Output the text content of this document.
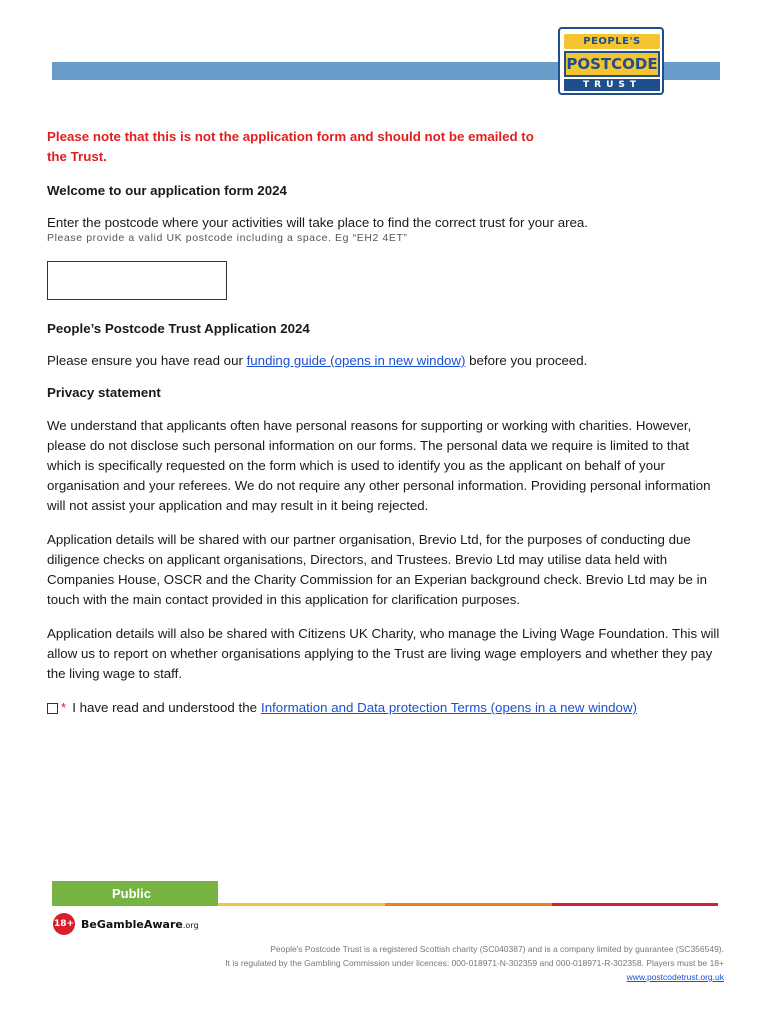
PEOPLE'S
POSTCODE
TRUST
Please note that this is not the application form and should not be emailed to the Trust.

Welcome to our application form 2024

Enter the postcode where your activities will take place to find the correct trust for your area.

Please provide a valid UK postcode including a space. Eg “EH2 4ET”

People’s Postcode Trust Application 2024

Please ensure you have read our funding guide (opens in new window) before you proceed.

Privacy statement

We understand that applicants often have personal reasons for supporting or working with charities. However, please do not disclose such personal information on our forms. The personal data we require is limited to that which is specifically requested on the form which is used to identify you as the applicant on behalf of your organisation and your referees. We do not require any other personal information. Providing personal information will not assist your application and may result in it being rejected.

Application details will be shared with our partner organisation, Brevio Ltd, for the purposes of conducting due diligence checks on applicant organisations, Directors, and Trustees. Brevio Ltd may utilise data held with Companies House, OSCR and the Charity Commission for an Experian background check. Brevio Ltd may be in touch with the main contact provided in this application for clarification purposes.

Application details will also be shared with Citizens UK Charity, who manage the Living Wage Foundation. This will allow us to report on whether organisations applying to the Trust are living wage employers and whether they pay the living wage to staff.

* I have read and understood the Information and Data protection Terms (opens in a new window)
Public
18+ BeGambleAware.org
People's Postcode Trust is a registered Scottish charity (SC040387) and is a company limited by guarantee (SC356549).
It is regulated by the Gambling Commission under licences: 000-018971-N-302359 and 000-018971-R-302358. Players must be 18+
www.postcodetrust.org.uk
